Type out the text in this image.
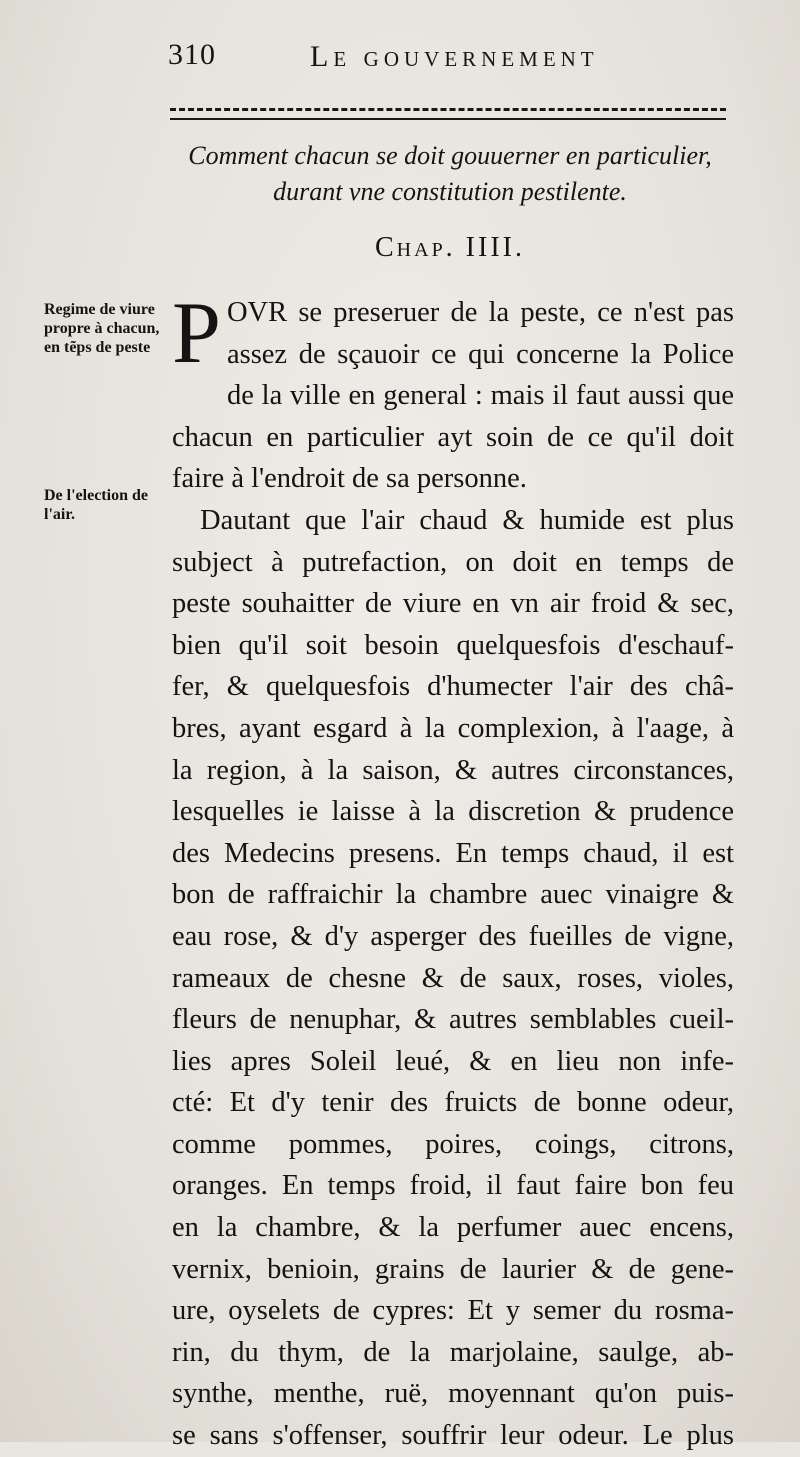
310	Le gouvernement
Comment chacun se doit gouuerner en particulier,
durant vne constitution pestilente.
Chap. IIII.
Regime de viure propre à chacun, en tẽps de peste
De l'election de l'air.
P OVR se preseruer de la peste, ce n'est pas
assez de sçauoir ce qui concerne la Police
de la ville en general : mais il faut aussi que
chacun en particulier ayt soin de ce qu'il doit
faire à l'endroit de sa personne.
Dautant que l'air chaud & humide est plus
subject à putrefaction, on doit en temps de
peste souhaitter de viure en vn air froid & sec,
bien qu'il soit besoin quelquesfois d'eschauf-
fer, & quelquesfois d'humecter l'air des châ-
bres, ayant esgard à la complexion, à l'aage, à
la region, à la saison, & autres circonstances,
lesquelles ie laisse à la discretion & prudence
des Medecins presens. En temps chaud, il est
bon de raffraichir la chambre auec vinaigre &
eau rose, & d'y asperger des fueilles de vigne,
rameaux de chesne & de saux, roses, violes,
fleurs de nenuphar, & autres semblables cueil-
lies apres Soleil leué, & en lieu non infe-
cté: Et d'y tenir des fruicts de bonne odeur,
comme pommes, poires, coings, citrons,
oranges. En temps froid, il faut faire bon feu
en la chambre, & la perfumer auec encens,
vernix, benioin, grains de laurier & de gene-
ure, oyselets de cypres: Et y semer du rosma-
rin, du thym, de la marjolaine, saulge, ab-
synthe, menthe, ruë, moyennant qu'on puis-
se sans s'offenser, souffrir leur odeur. Le plus
